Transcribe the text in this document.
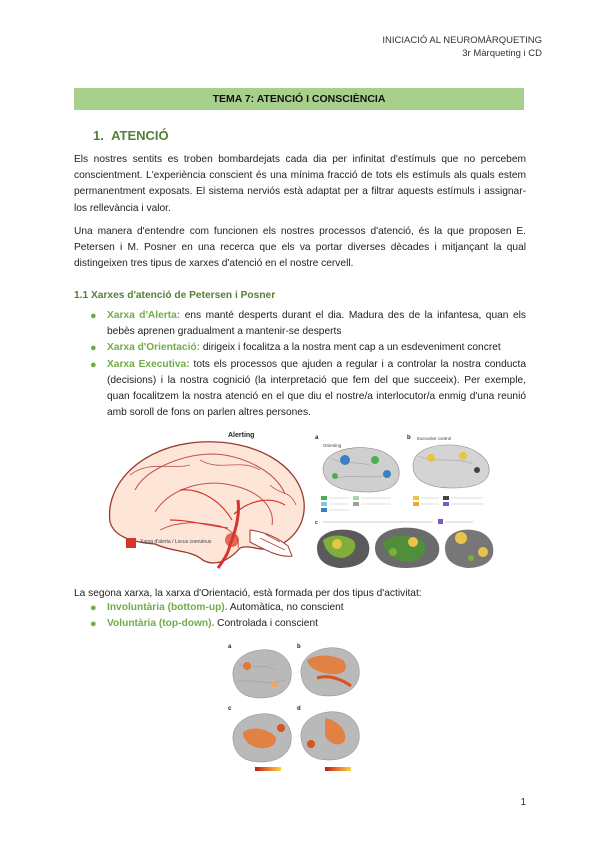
INICIACIÓ AL NEUROMÀRQUETING
3r Màrqueting i CD
TEMA 7: ATENCIÓ I CONSCIÈNCIA
1. ATENCIÓ
Els nostres sentits es troben bombardejats cada dia per infinitat d'estímuls que no percebem conscientment. L'experiència conscient és una mínima fracció de tots els estímuls als quals estem permanentment exposats. El sistema nerviós està adaptat per a filtrar aquests estímuls i assignar-los rellevància i valor.
Una manera d'entendre com funcionen els nostres processos d'atenció, és la que proposen E. Petersen i M. Posner en una recerca que els va portar diverses dècades i mitjançant la qual distingeixen tres tipus de xarxes d'atenció en el nostre cervell.
1.1 Xarxes d'atenció de Petersen i Posner
● Xarxa d'Alerta: ens manté desperts durant el dia. Madura des de la infantesa, quan els bebès aprenen gradualment a mantenir-se desperts
● Xarxa d'Orientació: dirigeix i focalitza a la nostra ment cap a un esdeveniment concret
● Xarxa Executiva: tots els processos que ajuden a regular i a controlar la nostra conducta (decisions) i la nostra cognició (la interpretació que fem del que succeeix). Per exemple, quan focalitzem la nostra atenció en el que diu el nostre/a interlocutor/a enmig d'una reunió amb soroll de fons on parlen altres persones.
Alerting
Xarxa d'alerta / Locus coeruleus
a	b
Orienting
Executive control
c
La segona xarxa, la xarxa d'Orientació, està formada per dos tipus d'activitat:
● Involuntària (bottom-up). Automàtica, no conscient
● Voluntària (top-down). Controlada i conscient
a	b
c	d
1
